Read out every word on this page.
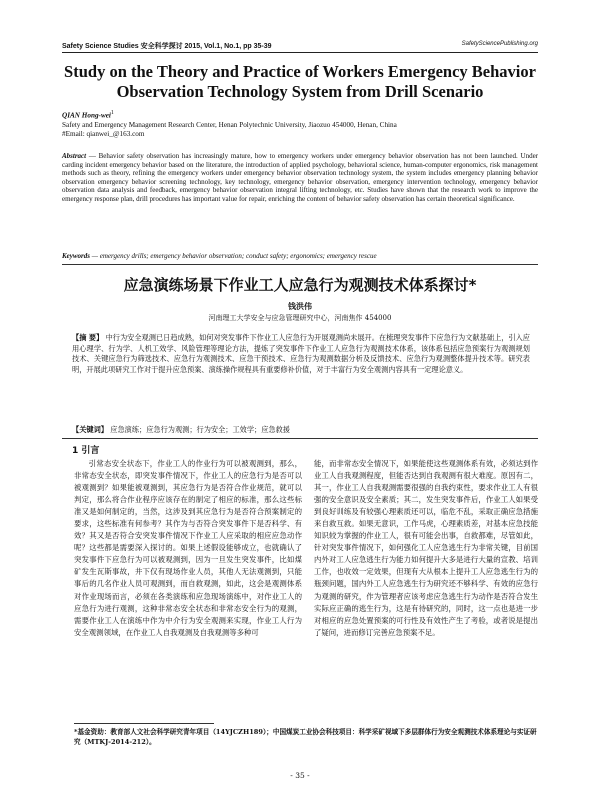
Safety Science Studies 安全科学探讨 2015, Vol.1, No.1, pp 35-39	SafetySciencePublishing.org
Study on the Theory and Practice of Workers Emergency Behavior Observation Technology System from Drill Scenario
QIAN Hong-wei$^1$
Safety and Emergency Management Research Center, Henan Polytechnic University, Jiaozuo 454000, Henan, China
#Email: qianwei_@163.com
Abstract — Behavior safety observation has increasingly mature, how to emergency workers under emergency behavior observation has not been launched. Under carding incident emergency behavior based on the literature, the introduction of applied psychology, behavioral science, human-computer ergonomics, risk management methods such as theory, refining the emergency workers under emergency behavior observation technology system, the system includes emergency planning behavior observation emergency behavior screening technology, key technology, emergency behavior observation, emergency intervention technology, emergency behavior observation data analysis and feedback, emergency behavior observation integral lifting technology, etc. Studies have shown that the research work to improve the emergency response plan, drill procedures has important value for repair, enriching the content of behavior safety observation has certain theoretical significance.
Keywords — emergency drills; emergency behavior observation; conduct safety; ergonomics; emergency rescue
应急演练场景下作业工人应急行为观测技术体系探讨*
钱洪伟
河南理工大学安全与应急管理研究中心，河南焦作 454000
【摘 要】 中行为安全观测已日趋成熟，如何对突发事件下作业工人应急行为开展观测尚未展开。在梳理突发事件下应急行为文献基础上，引入应用心理学、行为学、人机工效学、风险管理等理论方法，提炼了突发事件下作业工人应急行为观测技术体系，该体系包括应急预案行为观测规划技术、关键应急行为筛选技术、应急行为观测技术、应急干预技术、应急行为观测数据分析及反馈技术、应急行为观测整体提升技术等。研究表明，开展此项研究工作对于提升应急预案、演练操作规程具有重要修补价值，对于丰富行为安全观测内容具有一定理论意义。
【关键词】 应急演练；应急行为观测；行为安全；工效学；应急救援
1 引言

引常态安全状态下，作业工人的作业行为可以被观测到，那么，非常态安全状态，即突发事件情况下，作业工人的应急行为是否可以被观测到？如果能被观测到，其应急行为是否符合作业规范，就可以判定，那么将合作业程序应该存在的制定了相应的标准，那么这些标准又是如何制定的，当然，这涉及到其应急行为是否符合预案制定的要求，这些标准有何参考？其作为与否符合突发事件下是否科学、有效？其又是否符合安突发事件情况下作业工人应采取的相应应急动作呢？这些都是需要深入探讨的。如果上述假设能够成立，也就确认了突发事件下应急行为可以被观测到，因为一旦发生突发事件，比如煤矿发生瓦斯事故，井下仅有现场作业人员，其他人无法观测到，只能事后的几名作业人员可观测到，而自救观测，如此，这会是观测体系对作业现场而言，必须在各类演练和应急现场演练中，对作业工人的应急行为进行观测，这种非常态安全状态和非常态安全行为的观测，需要作业工人在演练中作为中介行为安全观测来实现，作业工人行为安全观测领域，在作业工人自我观测及自我观测等多种可

能，而非常态安全情况下，如果能使这些观测体系有效，必须达到作业工人自我观测程度，但能否达到自我观测有很大难度。原因有二，其一，作业工人自我观测需要很强的自我约束性，要求作业工人有很强的安全意识及安全素质；其二，发生突发事件后，作业工人如果受到良好训练及有较强心理素质还可以，临危不乱，采取正确应急措施来自救互救。如果无意识，工作马虎，心理素质差，对基本应急技能知识较为掌握的作业工人，很有可能会出事，自救都难，尽管如此，针对突发事件情况下，如何强化工人应急逃生行为非常关键，目前国内外对工人应急逃生行为能力如何提升大多是进行大量的宣教、培训工作，也收效一定效果，但现有大从根本上提升工人应急逃生行为的瓶颈问题，国内外工人应急逃生行为研究还不够科学、有效的应急行为观测的研究，作为管理者应该考虑应急逃生行为动作是否符合发生实际应正确的逃生行为，这是有待研究的，同时，这一点也是进一步对相应的应急处置预案的可行性及有效性产生了考验，或者说是提出了疑问，进而修订完善应急预案不足。

*基金资助：教育部人文社会科学研究青年项目（14YJCZH189）；中国煤炭工业协会科技项目：科学采矿视域下多层群体行为安全观测技术体系理论与实证研究（MTKJ-2014-212）。
- 35 -
